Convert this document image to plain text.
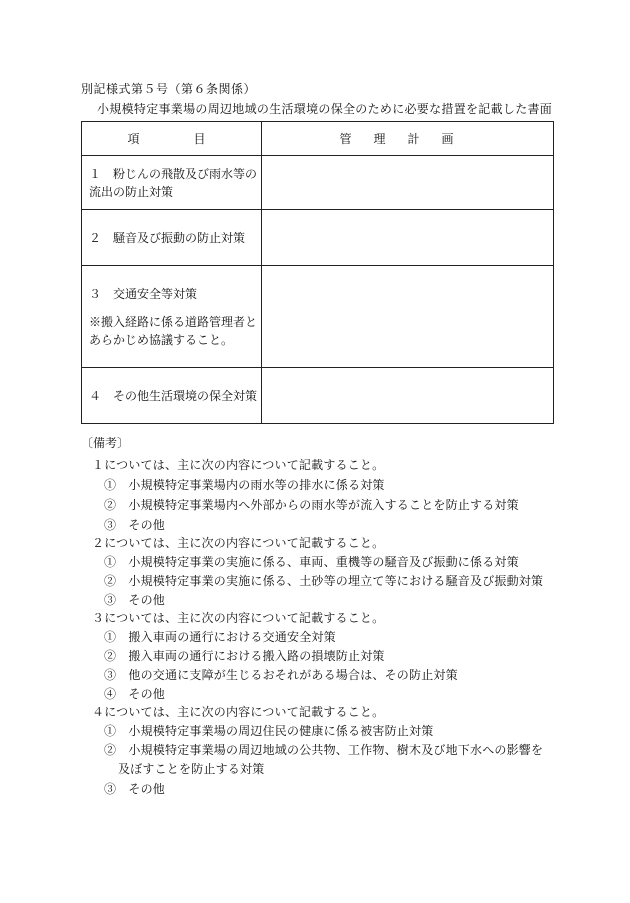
別記様式第５号（第６条関係）
小規模特定事業場の周辺地域の生活環境の保全のために必要な措置を記載した書面
項　　目	管理計画

１　粉じんの飛散及び雨水等の流出の防止対策	

２　騒音及び振動の防止対策	

３　交通安全等対策
※搬入経路に係る道路管理者とあらかじめ協議すること。	

４　その他生活環境の保全対策	

〔備考〕
１については、主に次の内容について記載すること。
①　小規模特定事業場内の雨水等の排水に係る対策
②　小規模特定事業場内へ外部からの雨水等が流入することを防止する対策
③　その他
２については、主に次の内容について記載すること。
①　小規模特定事業の実施に係る、車両、重機等の騒音及び振動に係る対策
②　小規模特定事業の実施に係る、土砂等の埋立て等における騒音及び振動対策
③　その他
３については、主に次の内容について記載すること。
①　搬入車両の通行における交通安全対策
②　搬入車両の通行における搬入路の損壊防止対策
③　他の交通に支障が生じるおそれがある場合は、その防止対策
④　その他
４については、主に次の内容について記載すること。
①　小規模特定事業場の周辺住民の健康に係る被害防止対策
②　小規模特定事業場の周辺地域の公共物、工作物、樹木及び地下水への影響を及ぼすことを防止する対策
③　その他
